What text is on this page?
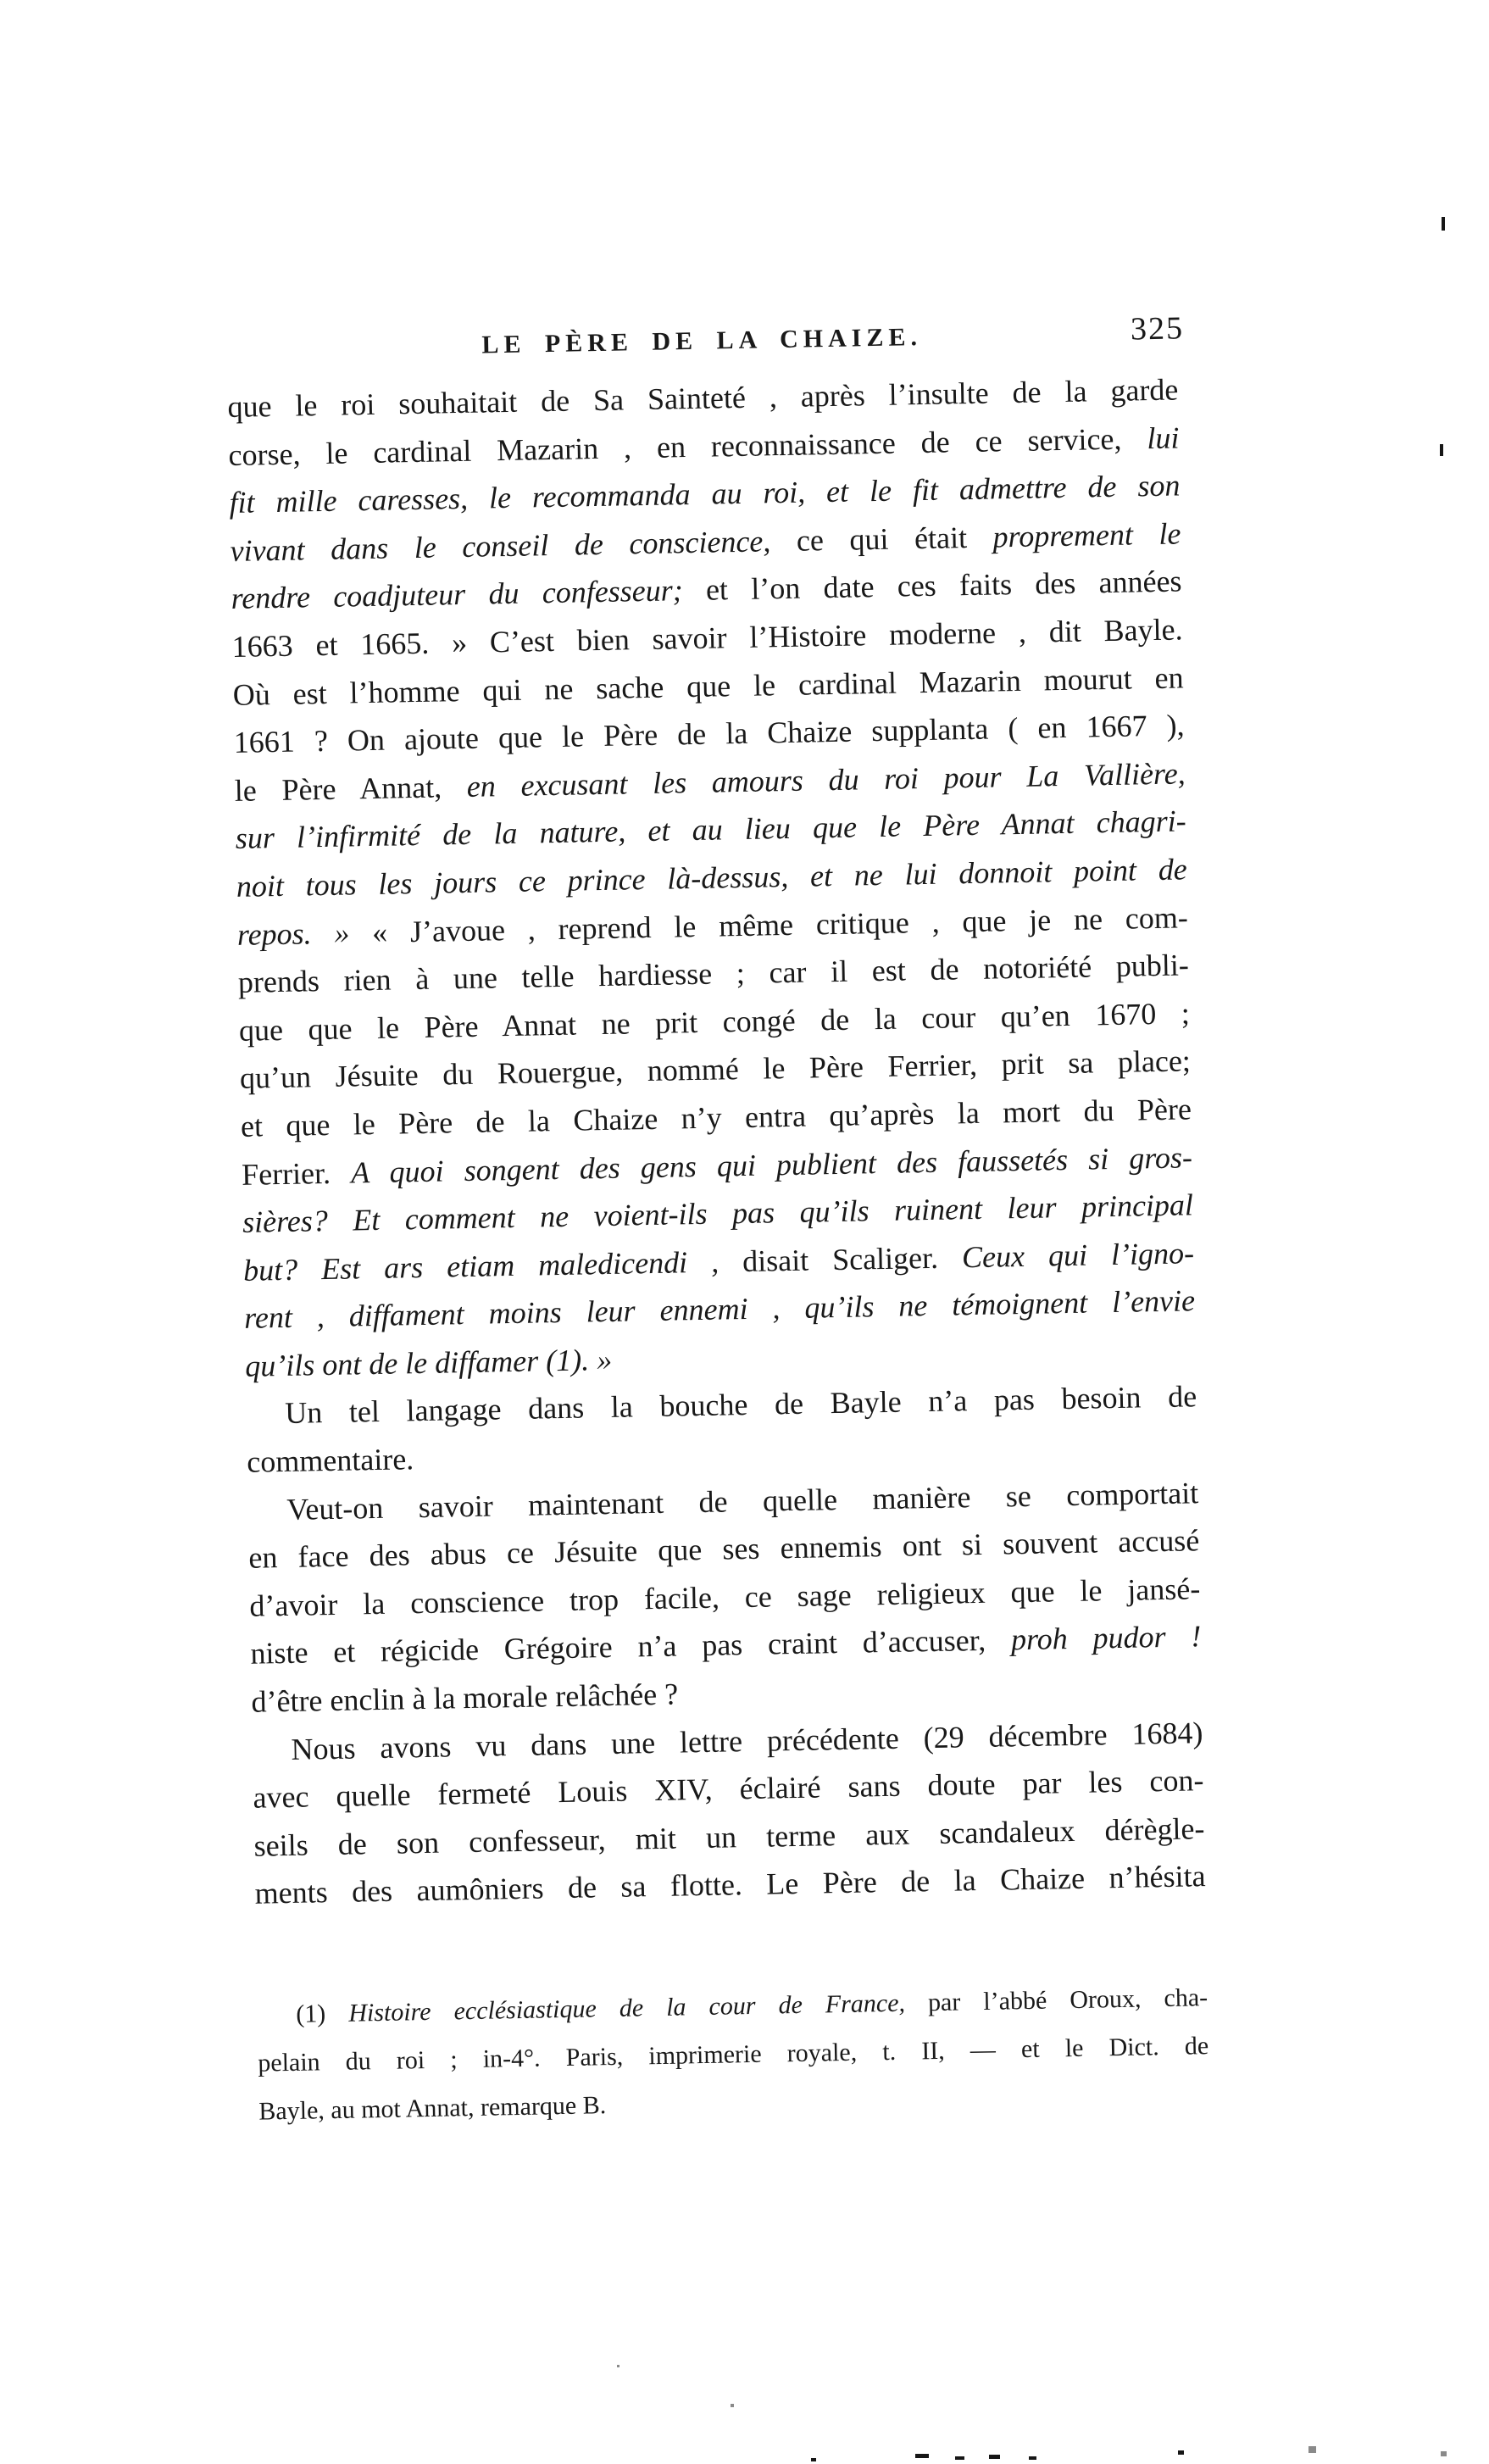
LE PÈRE DE LA CHAIZE.	325
que le roi souhaitait de Sa Sainteté , après l’insulte de la garde
corse, le cardinal Mazarin , en reconnaissance de ce service, lui
fit mille caresses, le recommanda au roi, et le fit admettre de son
vivant dans le conseil de conscience, ce qui était proprement le
rendre coadjuteur du confesseur; et l’on date ces faits des années
1663 et 1665. » C’est bien savoir l’Histoire moderne , dit Bayle.
Où est l’homme qui ne sache que le cardinal Mazarin mourut en
1661 ? On ajoute que le Père de la Chaize supplanta ( en 1667 ),
le Père Annat, en excusant les amours du roi pour La Vallière,
sur l’infirmité de la nature, et au lieu que le Père Annat chagri-
noit tous les jours ce prince là-dessus, et ne lui donnoit point de
repos. » « J’avoue , reprend le même critique , que je ne com-
prends rien à une telle hardiesse ; car il est de notoriété publi-
que que le Père Annat ne prit congé de la cour qu’en 1670 ;
qu’un Jésuite du Rouergue, nommé le Père Ferrier, prit sa place;
et que le Père de la Chaize n’y entra qu’après la mort du Père
Ferrier. A quoi songent des gens qui publient des faussetés si gros-
sières? Et comment ne voient-ils pas qu’ils ruinent leur principal
but? Est ars etiam maledicendi , disait Scaliger. Ceux qui l’igno-
rent , diffament moins leur ennemi , qu’ils ne témoignent l’envie
qu’ils ont de le diffamer (1). »
Un tel langage dans la bouche de Bayle n’a pas besoin de
commentaire.
Veut-on savoir maintenant de quelle manière se comportait
en face des abus ce Jésuite que ses ennemis ont si souvent accusé
d’avoir la conscience trop facile, ce sage religieux que le jansé-
niste et régicide Grégoire n’a pas craint d’accuser, proh pudor !
d’être enclin à la morale relâchée ?
Nous avons vu dans une lettre précédente (29 décembre 1684)
avec quelle fermeté Louis XIV, éclairé sans doute par les con-
seils de son confesseur, mit un terme aux scandaleux dérègle-
ments des aumôniers de sa flotte. Le Père de la Chaize n’hésita
(1) Histoire ecclésiastique de la cour de France, par l’abbé Oroux, cha-
pelain du roi ; in-4°. Paris, imprimerie royale, t. II, — et le Dict. de
Bayle, au mot Annat, remarque B.
